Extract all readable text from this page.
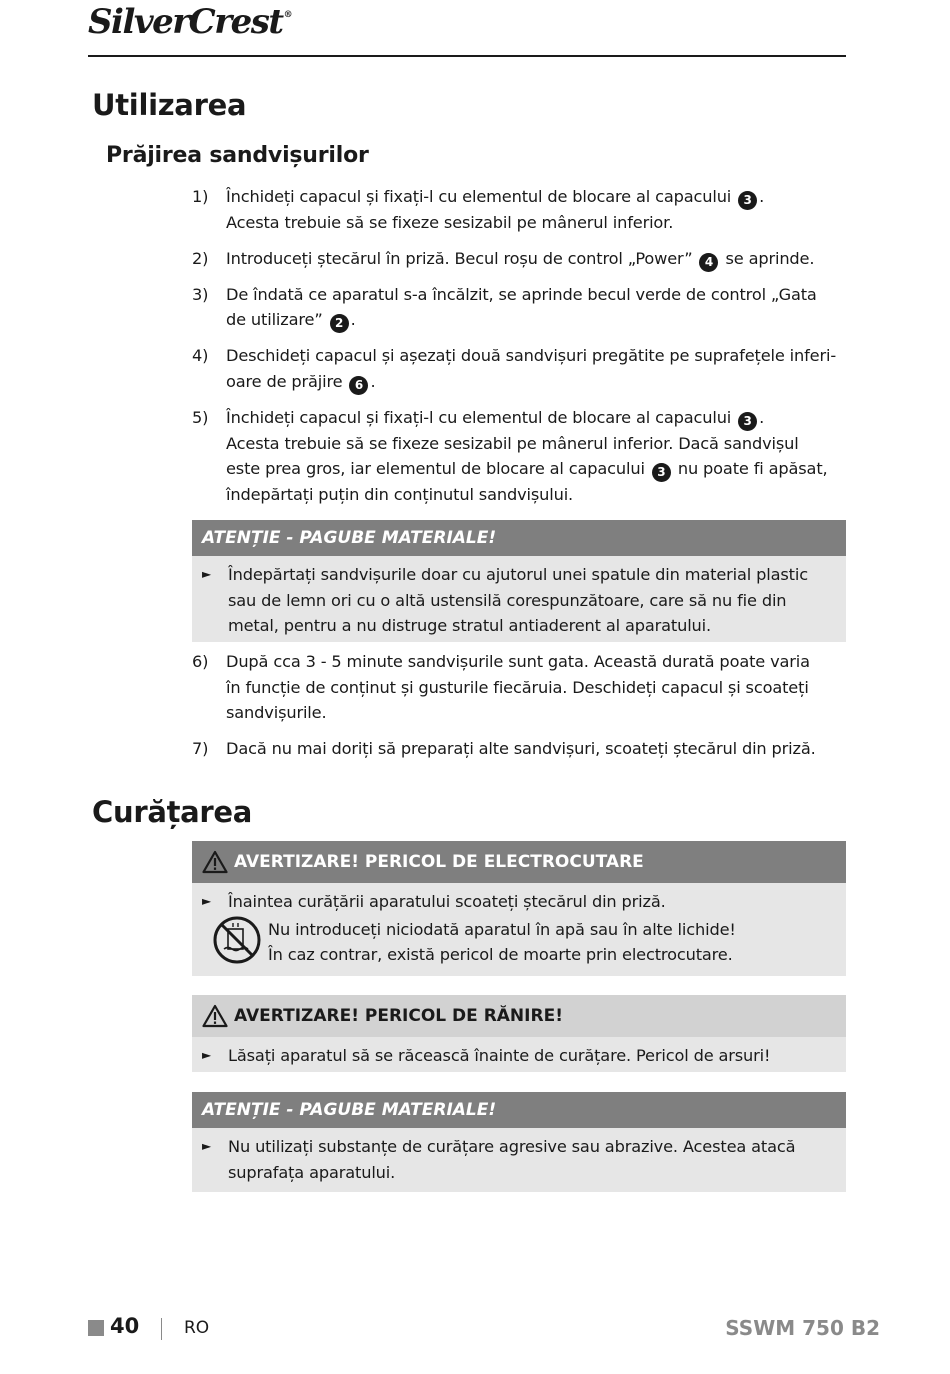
SilverCrest®
Utilizarea
Prăjirea sandvișurilor
1)	Închideți capacul și fixați-l cu elementul de blocare al capacului 3 .
Acesta trebuie să se fixeze sesizabil pe mânerul inferior.
2)	Introduceți ștecărul în priză. Becul roșu de control „Power” 4 se aprinde.
3)	De îndată ce aparatul s-a încălzit, se aprinde becul verde de control „Gata
de utilizare” 2 .
4)	Deschideți capacul și așezați două sandvișuri pregătite pe suprafețele inferi-
oare de prăjire 6 .
5)	Închideți capacul și fixați-l cu elementul de blocare al capacului 3 .
Acesta trebuie să se fixeze sesizabil pe mânerul inferior. Dacă sandvișul
este prea gros, iar elementul de blocare al capacului 3 nu poate fi apăsat,
îndepărtați puțin din conținutul sandvișului.
ATENȚIE - PAGUBE MATERIALE!
►	Îndepărtați sandvișurile doar cu ajutorul unei spatule din material plastic
sau de lemn ori cu o altă ustensilă corespunzătoare, care să nu fie din
metal, pentru a nu distruge stratul antiaderent al aparatului.
6)	După cca 3 - 5 minute sandvișurile sunt gata. Această durată poate varia
în funcție de conținut și gusturile fiecăruia. Deschideți capacul și scoateți
sandvișurile.
7)	Dacă nu mai doriți să preparați alte sandvișuri, scoateți ștecărul din priză.
Curățarea
AVERTIZARE! PERICOL DE ELECTROCUTARE
►	Înaintea curățării aparatului scoateți ștecărul din priză.
Nu introduceți niciodată aparatul în apă sau în alte lichide!
În caz contrar, există pericol de moarte prin electrocutare.
AVERTIZARE! PERICOL DE RĂNIRE!
►	Lăsați aparatul să se răcească înainte de curățare. Pericol de arsuri!
ATENȚIE - PAGUBE MATERIALE!
►	Nu utilizați substanțe de curățare agresive sau abrazive. Acestea atacă
suprafața aparatului.
40	RO	SSWM 750 B2
